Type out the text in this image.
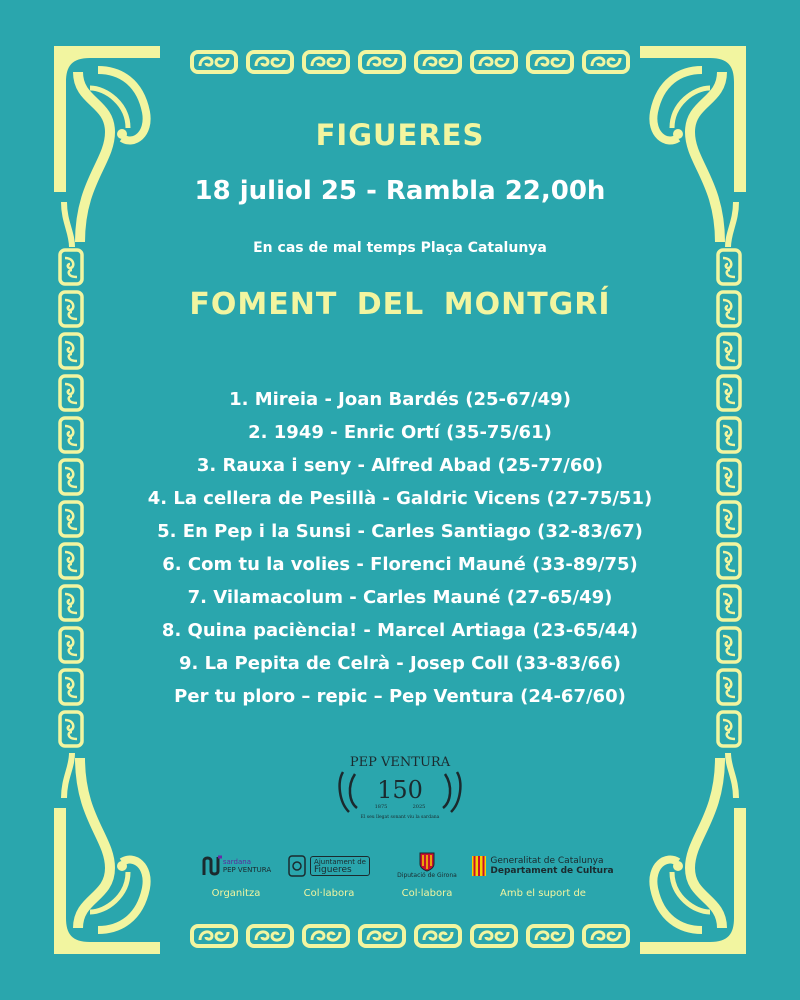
FIGUERES
18 juliol 25 - Rambla 22,00h
En cas de mal temps Plaça Catalunya
FOMENT DEL MONTGRÍ
1. Mireia - Joan Bardés (25-67/49)
2. 1949 - Enric Ortí (35-75/61)
3. Rauxa i seny - Alfred Abad (25-77/60)
4. La cellera de Pesillà - Galdric Vicens (27-75/51)
5. En Pep i la Sunsi - Carles Santiago (32-83/67)
6. Com tu la volies - Florenci Mauné (33-89/75)
7. Vilamacolum - Carles Mauné (27-65/49)
8. Quina paciència! - Marcel Artiaga (23-65/44)
9. La Pepita de Celrà - Josep Coll (33-83/66)
Per tu ploro – repic – Pep Ventura (24-67/60)
PEP VENTURA
150
1875	2025
El seu llegat sonant viu la sardana
sardana
PEP VENTURA
Organitza
Ajuntament de
Figueres
Col·labora
Diputació de Girona
Col·labora
Generalitat de Catalunya
Departament de Cultura
Amb el suport de
